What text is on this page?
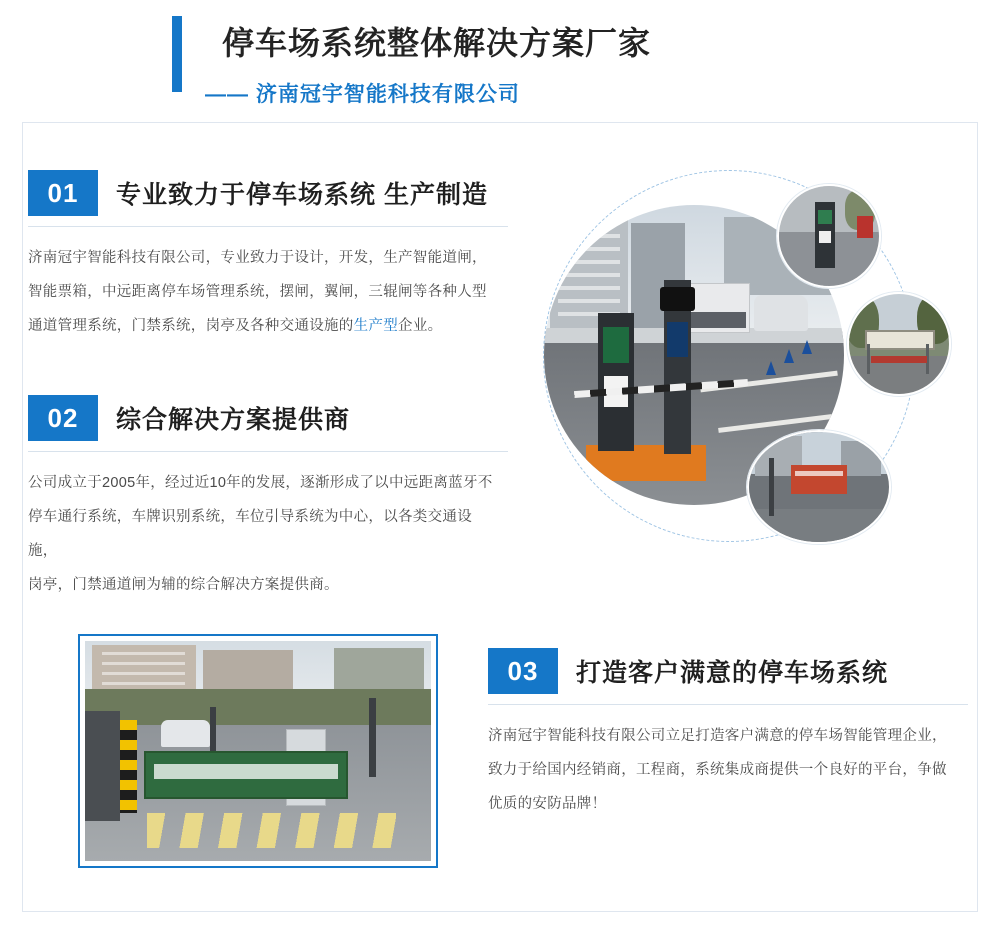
停车场系统整体解决方案厂家
—— 济南冠宇智能科技有限公司
01 专业致力于停车场系统 生产制造
济南冠宇智能科技有限公司，专业致力于设计，开发，生产智能道闸，
智能票箱，中远距离停车场管理系统，摆闸，翼闸，三辊闸等各种人型
通道管理系统，门禁系统，岗亭及各种交通设施的生产型企业。
02 综合解决方案提供商
公司成立于2005年，经过近10年的发展，逐渐形成了以中远距离蓝牙不
停车通行系统，车牌识别系统，车位引导系统为中心，以各类交通设施，
岗亭，门禁通道闸为辅的综合解决方案提供商。
03 打造客户满意的停车场系统
济南冠宇智能科技有限公司立足打造客户满意的停车场智能管理企业，
致力于给国内经销商，工程商，系统集成商提供一个良好的平台，争做
优质的安防品牌！
